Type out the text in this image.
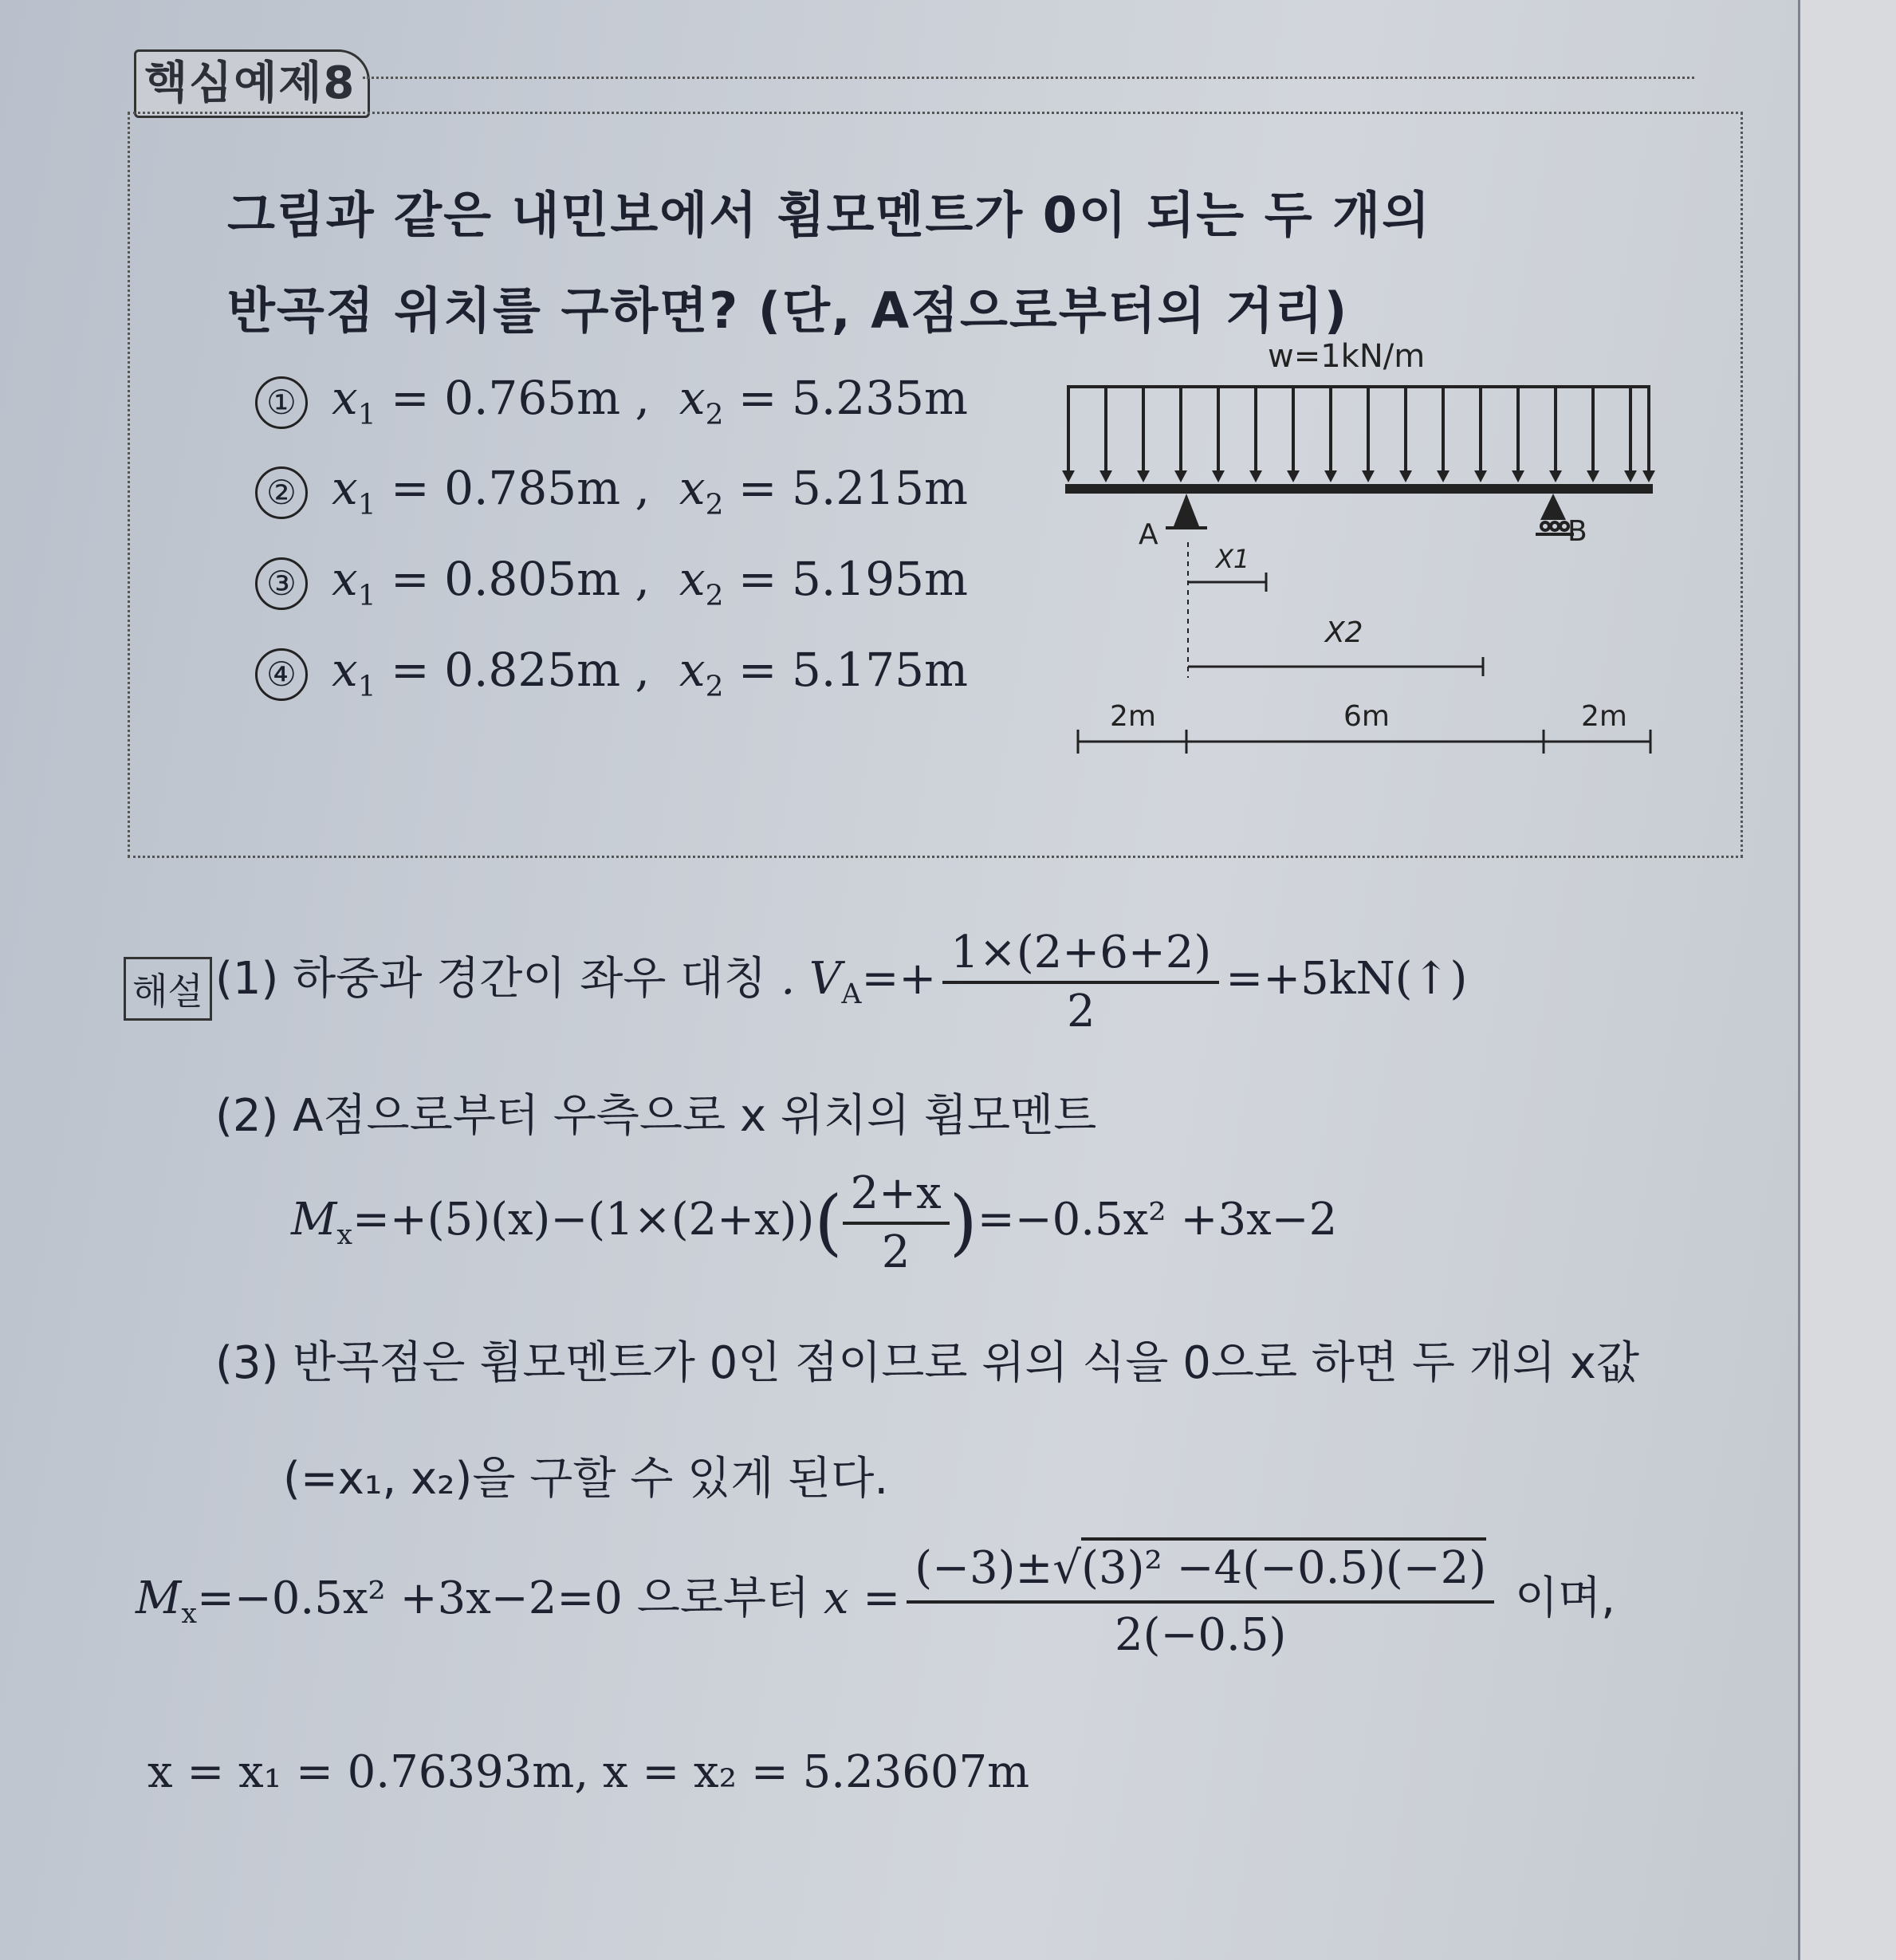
핵심예제8
그림과 같은 내민보에서 휨모멘트가 0이 되는 두 개의
반곡점 위치를 구하면? (단, A점으로부터의 거리)
① $x_1 = 0.765m$ ,  $x_2 = 5.235m$
② $x_1 = 0.785m$ ,  $x_2 = 5.215m$
③ $x_1 = 0.805m$ ,  $x_2 = 5.195m$
④ $x_1 = 0.825m$ ,  $x_2 = 5.175m$
w=1kN/m
A	B
X1
X2
2m	6m	2m
해설 (1) 하중과 경간이 좌우 대칭 . $V_A=+ \frac{1\times(2+6+2)}{2}$ =+5kN(↑)
(2) A점으로부터 우측으로 x 위치의 휨모멘트
$M_x=+(5)(x)-(1\times(2+x))( \frac{2+x}{2} )=-0.5x^2 +3x-2$
(3) 반곡점은 휨모멘트가 0인 점이므로 위의 식을 0으로 하면 두 개의 x값
(=x₁, x₂)을 구할 수 있게 된다.
$M_x=-0.5x^2 +3x-2=0$ 으로부터 $x = \frac{\text{(−3)±√(3)² −4(−0.5)(−2)}}{2(-0.5)}$ 이며,
x = x₁ = 0.76393m, x = x₂ = 5.23607m
